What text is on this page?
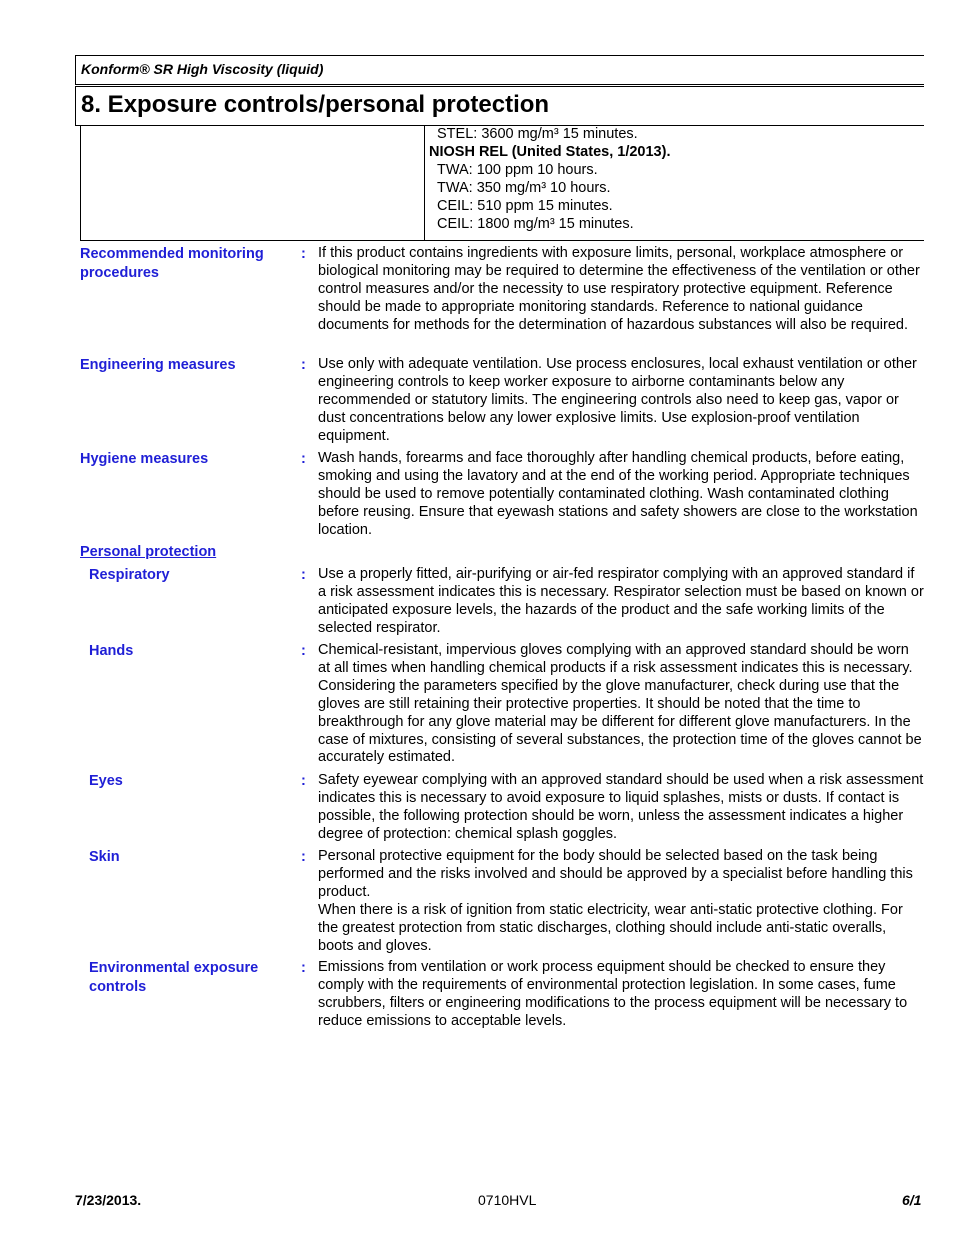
Konform® SR High Viscosity (liquid)
8. Exposure controls/personal protection
STEL: 3600 mg/m³ 15 minutes.
NIOSH REL (United States, 1/2013).
TWA: 100 ppm 10 hours.
TWA: 350 mg/m³ 10 hours.
CEIL: 510 ppm 15 minutes.
CEIL: 1800 mg/m³ 15 minutes.
Recommended monitoring procedures
: If this product contains ingredients with exposure limits, personal, workplace atmosphere or biological monitoring may be required to determine the effectiveness of the ventilation or other control measures and/or the necessity to use respiratory protective equipment. Reference should be made to appropriate monitoring standards. Reference to national guidance documents for methods for the determination of hazardous substances will also be required.
Engineering measures	: Use only with adequate ventilation. Use process enclosures, local exhaust ventilation or other engineering controls to keep worker exposure to airborne contaminants below any recommended or statutory limits. The engineering controls also need to keep gas, vapor or dust concentrations below any lower explosive limits. Use explosion-proof ventilation equipment.
Hygiene measures	: Wash hands, forearms and face thoroughly after handling chemical products, before eating, smoking and using the lavatory and at the end of the working period. Appropriate techniques should be used to remove potentially contaminated clothing. Wash contaminated clothing before reusing. Ensure that eyewash stations and safety showers are close to the workstation location.
Personal protection
Respiratory	: Use a properly fitted, air-purifying or air-fed respirator complying with an approved standard if a risk assessment indicates this is necessary. Respirator selection must be based on known or anticipated exposure levels, the hazards of the product and the safe working limits of the selected respirator.
Hands	: Chemical-resistant, impervious gloves complying with an approved standard should be worn at all times when handling chemical products if a risk assessment indicates this is necessary. Considering the parameters specified by the glove manufacturer, check during use that the gloves are still retaining their protective properties. It should be noted that the time to breakthrough for any glove material may be different for different glove manufacturers. In the case of mixtures, consisting of several substances, the protection time of the gloves cannot be accurately estimated.
Eyes	: Safety eyewear complying with an approved standard should be used when a risk assessment indicates this is necessary to avoid exposure to liquid splashes, mists or dusts. If contact is possible, the following protection should be worn, unless the assessment indicates a higher degree of protection: chemical splash goggles.
Skin	: Personal protective equipment for the body should be selected based on the task being performed and the risks involved and should be approved by a specialist before handling this product.
When there is a risk of ignition from static electricity, wear anti-static protective clothing. For the greatest protection from static discharges, clothing should include anti-static overalls, boots and gloves.
Environmental exposure controls
: Emissions from ventilation or work process equipment should be checked to ensure they comply with the requirements of environmental protection legislation. In some cases, fume scrubbers, filters or engineering modifications to the process equipment will be necessary to reduce emissions to acceptable levels.
7/23/2013.	0710HVL	6/1
